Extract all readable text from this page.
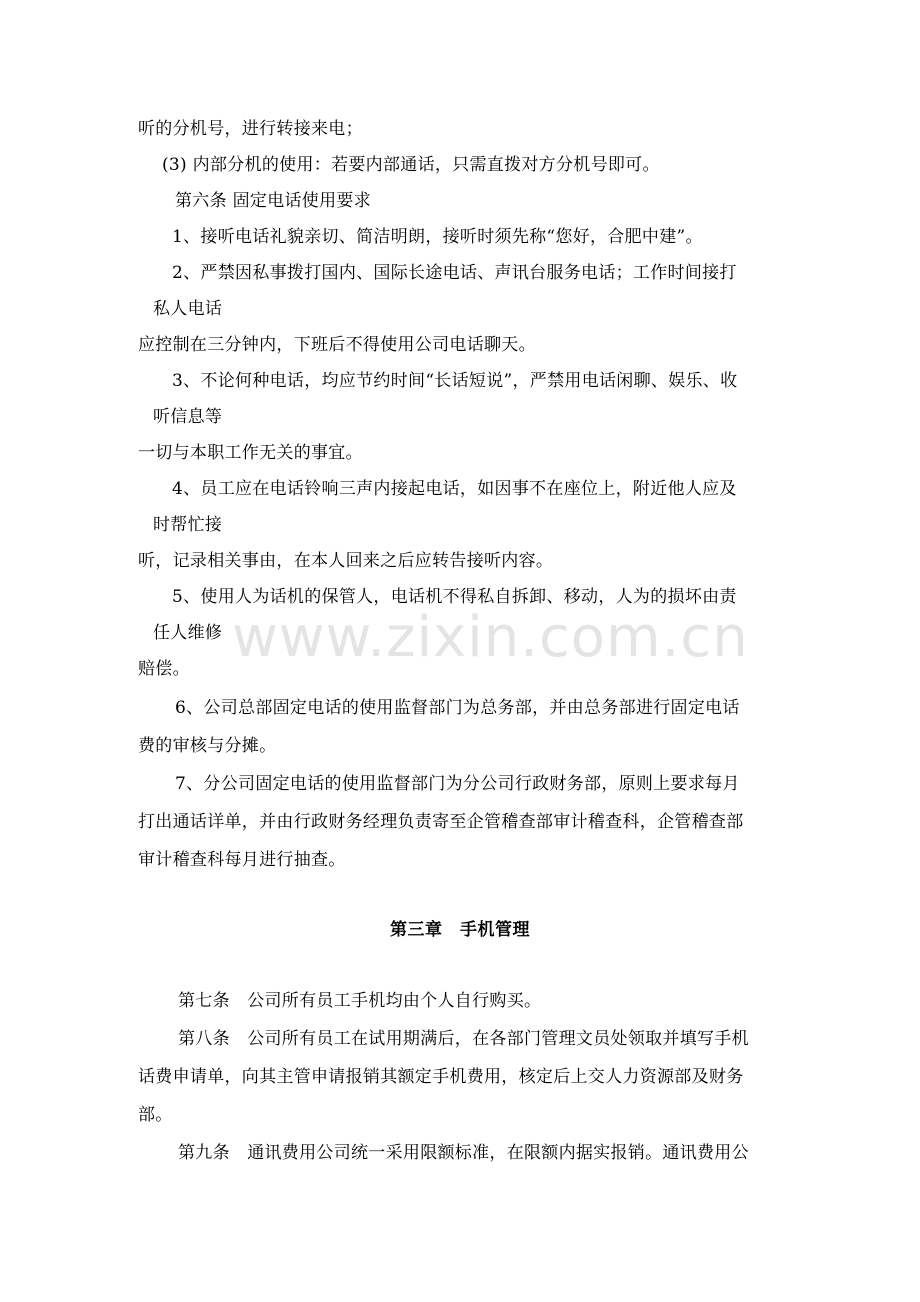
听的分机号，进行转接来电；
(3) 内部分机的使用：若要内部通话，只需直拨对方分机号即可。
第六条 固定电话使用要求
1、接听电话礼貌亲切、简洁明朗，接听时须先称“您好，合肥中建”。
2、严禁因私事拨打国内、国际长途电话、声讯台服务电话；工作时间接打
私人电话
应控制在三分钟内，下班后不得使用公司电话聊天。
3、不论何种电话，均应节约时间“长话短说”，严禁用电话闲聊、娱乐、收
听信息等
一切与本职工作无关的事宜。
4、员工应在电话铃响三声内接起电话，如因事不在座位上，附近他人应及
时帮忙接
听，记录相关事由，在本人回来之后应转告接听内容。
5、使用人为话机的保管人，电话机不得私自拆卸、移动，人为的损坏由责
任人维修
赔偿。
6、公司总部固定电话的使用监督部门为总务部，并由总务部进行固定电话
费的审核与分摊。
7、分公司固定电话的使用监督部门为分公司行政财务部，原则上要求每月
打出通话详单，并由行政财务经理负责寄至企管稽查部审计稽查科，企管稽查部
审计稽查科每月进行抽查。
第三章　手机管理
第七条　公司所有员工手机均由个人自行购买。
第八条　公司所有员工在试用期满后，在各部门管理文员处领取并填写手机
话费申请单，向其主管申请报销其额定手机费用，核定后上交人力资源部及财务
部。
第九条　通讯费用公司统一采用限额标准，在限额内据实报销。通讯费用公
www.zixin.com.cn
